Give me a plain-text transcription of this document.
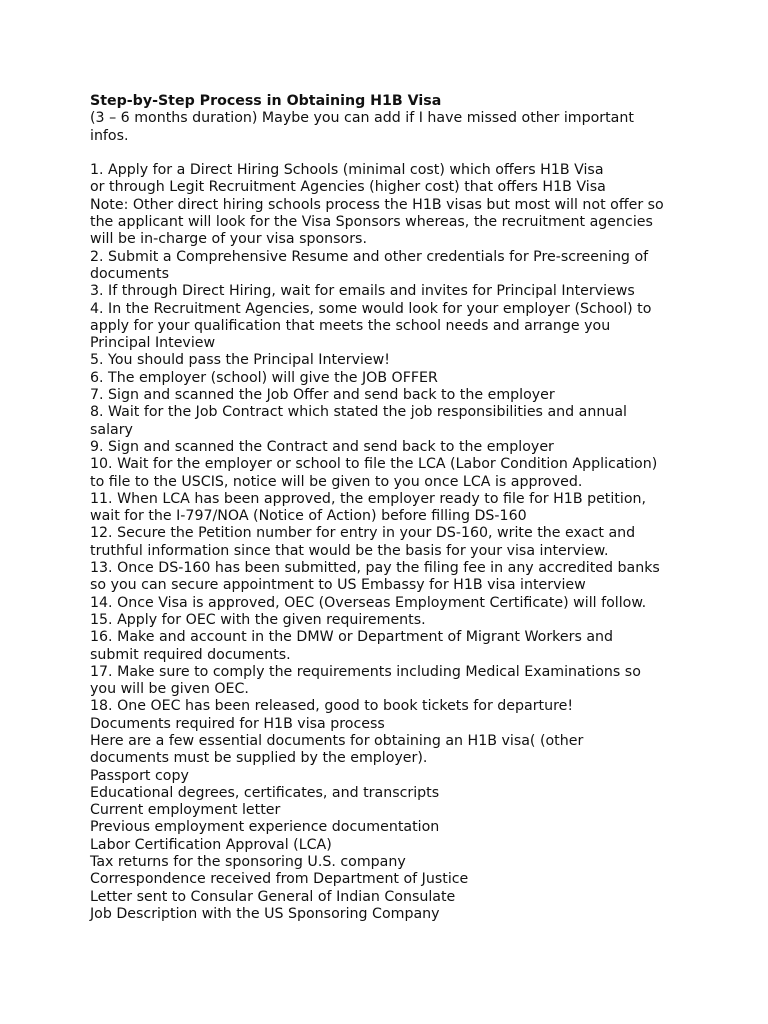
Step-by-Step Process in Obtaining H1B Visa

(3 – 6 months duration) Maybe you can add if I have missed other important

infos.

1. Apply for a Direct Hiring Schools (minimal cost) which offers H1B Visa

or through Legit Recruitment Agencies (higher cost) that offers H1B Visa

Note: Other direct hiring schools process the H1B visas but most will not offer so

the applicant will look for the Visa Sponsors whereas, the recruitment agencies

will be in-charge of your visa sponsors.

2. Submit a Comprehensive Resume and other credentials for Pre-screening of

documents

3. If through Direct Hiring, wait for emails and invites for Principal Interviews

4. In the Recruitment Agencies, some would look for your employer (School) to

apply for your qualification that meets the school needs and arrange you

Principal Inteview

5. You should pass the Principal Interview!

6. The employer (school) will give the JOB OFFER

7. Sign and scanned the Job Offer and send back to the employer

8. Wait for the Job Contract which stated the job responsibilities and annual

salary

9. Sign and scanned the Contract and send back to the employer

10. Wait for the employer or school to file the LCA (Labor Condition Application)

to file to the USCIS, notice will be given to you once LCA is approved.

11. When LCA has been approved, the employer ready to file for H1B petition,

wait for the I-797/NOA (Notice of Action) before filling DS-160

12. Secure the Petition number for entry in your DS-160, write the exact and

truthful information since that would be the basis for your visa interview.

13. Once DS-160 has been submitted, pay the filing fee in any accredited banks

so you can secure appointment to US Embassy for H1B visa interview

14. Once Visa is approved, OEC (Overseas Employment Certificate) will follow.

15. Apply for OEC with the given requirements.

16. Make and account in the DMW or Department of Migrant Workers and

submit required documents.

17. Make sure to comply the requirements including Medical Examinations so

you will be given OEC.

18. One OEC has been released, good to book tickets for departure!

Documents required for H1B visa process

Here are a few essential documents for obtaining an H1B visa( (other

documents must be supplied by the employer).

Passport copy

Educational degrees, certificates, and transcripts

Current employment letter

Previous employment experience documentation

Labor Certification Approval (LCA)

Tax returns for the sponsoring U.S. company

Correspondence received from Department of Justice

Letter sent to Consular General of Indian Consulate

Job Description with the US Sponsoring Company
